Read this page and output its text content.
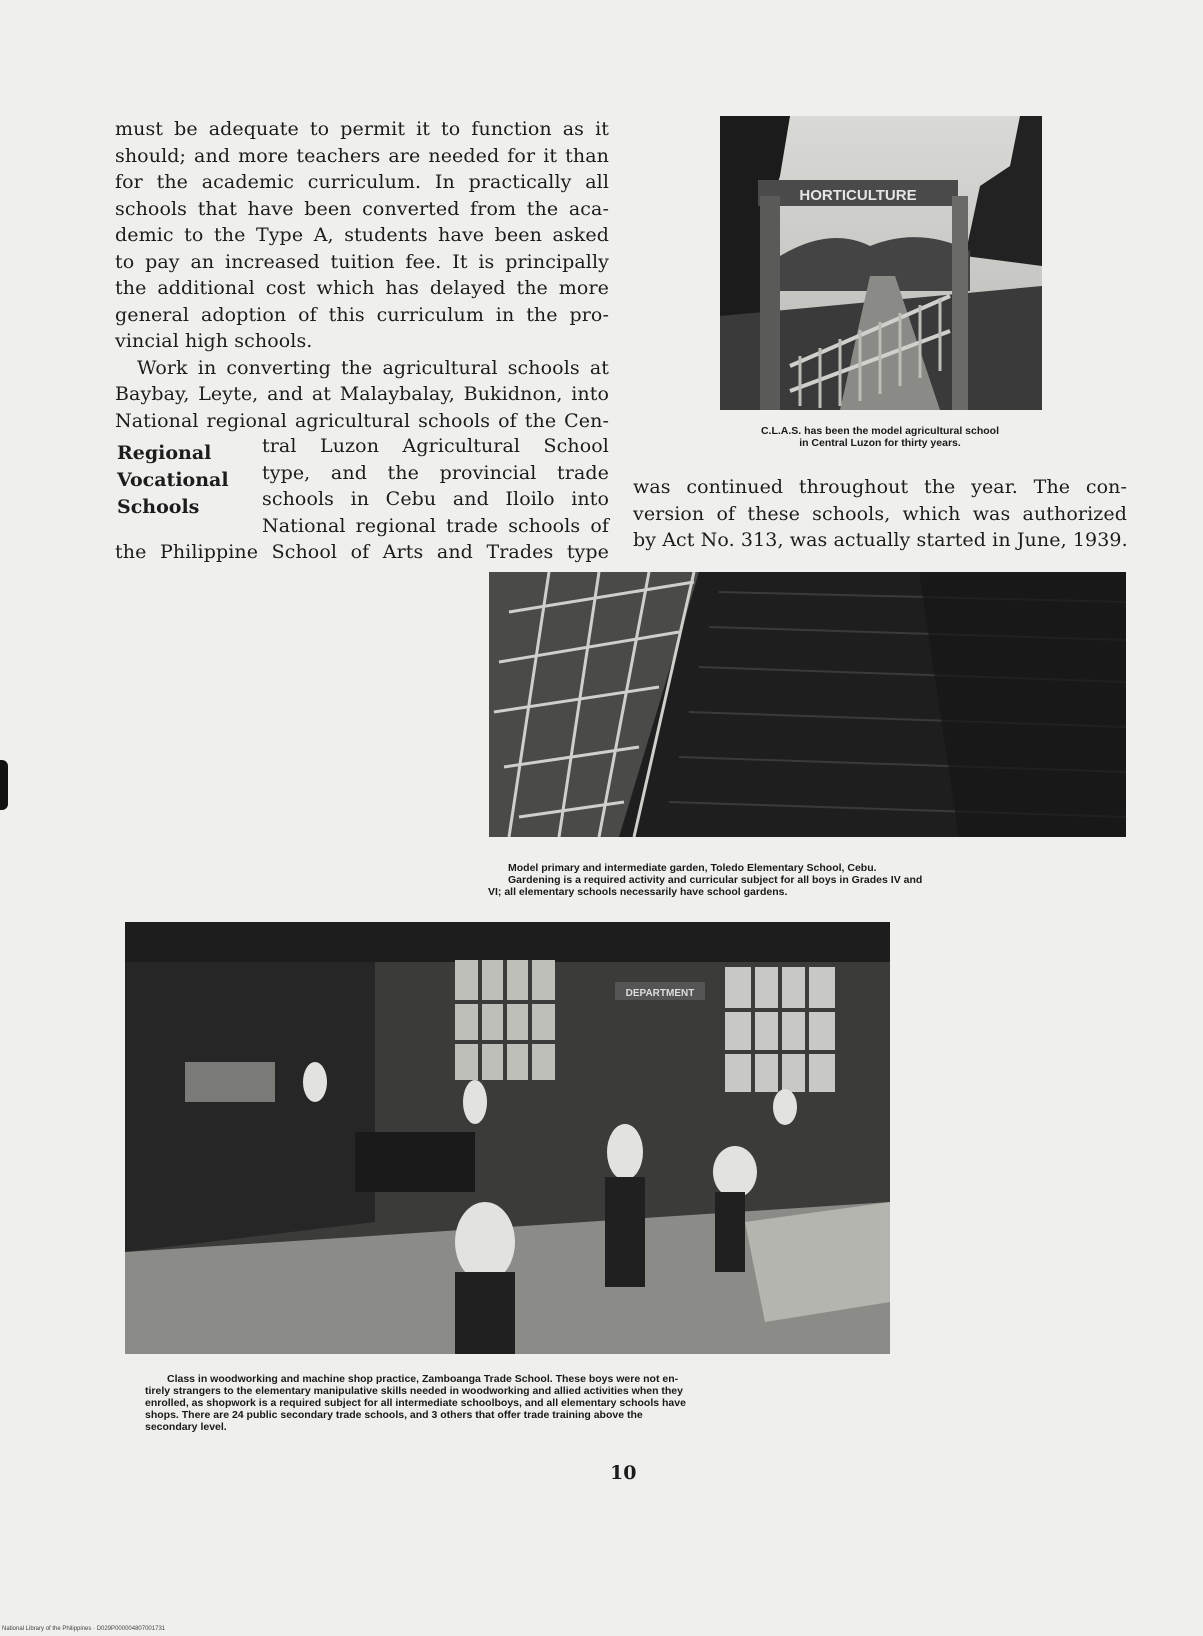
must be adequate to permit it to function as it
should; and more teachers are needed for it than
for the academic curriculum. In practically all
schools that have been converted from the aca-
demic to the Type A, students have been asked
to pay an increased tuition fee. It is principally
the additional cost which has delayed the more
general adoption of this curriculum in the pro-
vincial high schools.
Work in converting the agricultural schools at
Baybay, Leyte, and at Malaybalay, Bukidnon, into
National regional agricultural schools of the Cen-
Regional
Vocational
Schools
tral Luzon Agricultural School
type, and the provincial trade
schools in Cebu and Iloilo into
National regional trade schools of
the Philippine School of Arts and Trades type
was continued throughout the year. The con-
version of these schools, which was authorized
by Act No. 313, was actually started in June, 1939.
HORTICULTURE
C.L.A.S. has been the model agricultural school
in Central Luzon for thirty years.
Model primary and intermediate garden, Toledo Elementary School, Cebu.
Gardening is a required activity and curricular subject for all boys in Grades IV and
VI; all elementary schools necessarily have school gardens.
DEPARTMENT
Class in woodworking and machine shop practice, Zamboanga Trade School. These boys were not en-
tirely strangers to the elementary manipulative skills needed in woodworking and allied activities when they
enrolled, as shopwork is a required subject for all intermediate schoolboys, and all elementary schools have
shops. There are 24 public secondary trade schools, and 3 others that offer trade training above the
secondary level.
10
National Library of the Philippines · D029P000004807001731
